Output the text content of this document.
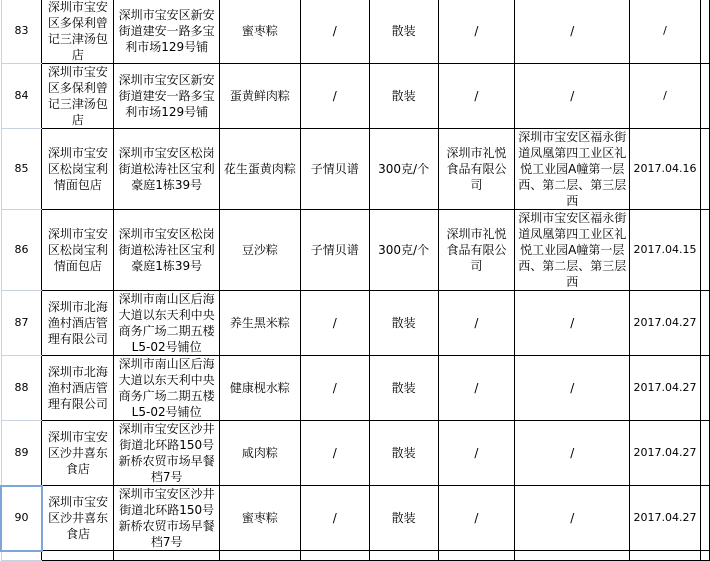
83	深圳市宝安区多保利曾记三津汤包店	深圳市宝安区新安街道建安一路多宝利市场129号铺	蜜枣粽	/	散装	/	/	/	
84	深圳市宝安区多保利曾记三津汤包店	深圳市宝安区新安街道建安一路多宝利市场129号铺	蛋黄鲜肉粽	/	散装	/	/	/	
85	深圳市宝安区松岗宝利情面包店	深圳市宝安区松岗街道松涛社区宝利豪庭1栋39号	花生蛋黄肉粽	子情贝谱	300克/个	深圳市礼悦食品有限公司	深圳市宝安区福永街道凤凰第四工业区礼悦工业园A幢第一层西、第二层、第三层西	2017.04.16	
86	深圳市宝安区松岗宝利情面包店	深圳市宝安区松岗街道松涛社区宝利豪庭1栋39号	豆沙粽	子情贝谱	300克/个	深圳市礼悦食品有限公司	深圳市宝安区福永街道凤凰第四工业区礼悦工业园A幢第一层西、第二层、第三层西	2017.04.15	
87	深圳市北海渔村酒店管理有限公司	深圳市南山区后海大道以东天利中央商务广场二期五楼L5-02号铺位	养生黑米粽	/	散装	/	/	2017.04.27	
88	深圳市北海渔村酒店管理有限公司	深圳市南山区后海大道以东天利中央商务广场二期五楼L5-02号铺位	健康枧水粽	/	散装	/	/	2017.04.27	
89	深圳市宝安区沙井喜东食店	深圳市宝安区沙井街道北环路150号新桥农贸市场早餐档7号	咸肉粽	/	散装	/	/	2017.04.27	
90	深圳市宝安区沙井喜东食店	深圳市宝安区沙井街道北环路150号新桥农贸市场早餐档7号	蜜枣粽	/	散装	/	/	2017.04.27	
